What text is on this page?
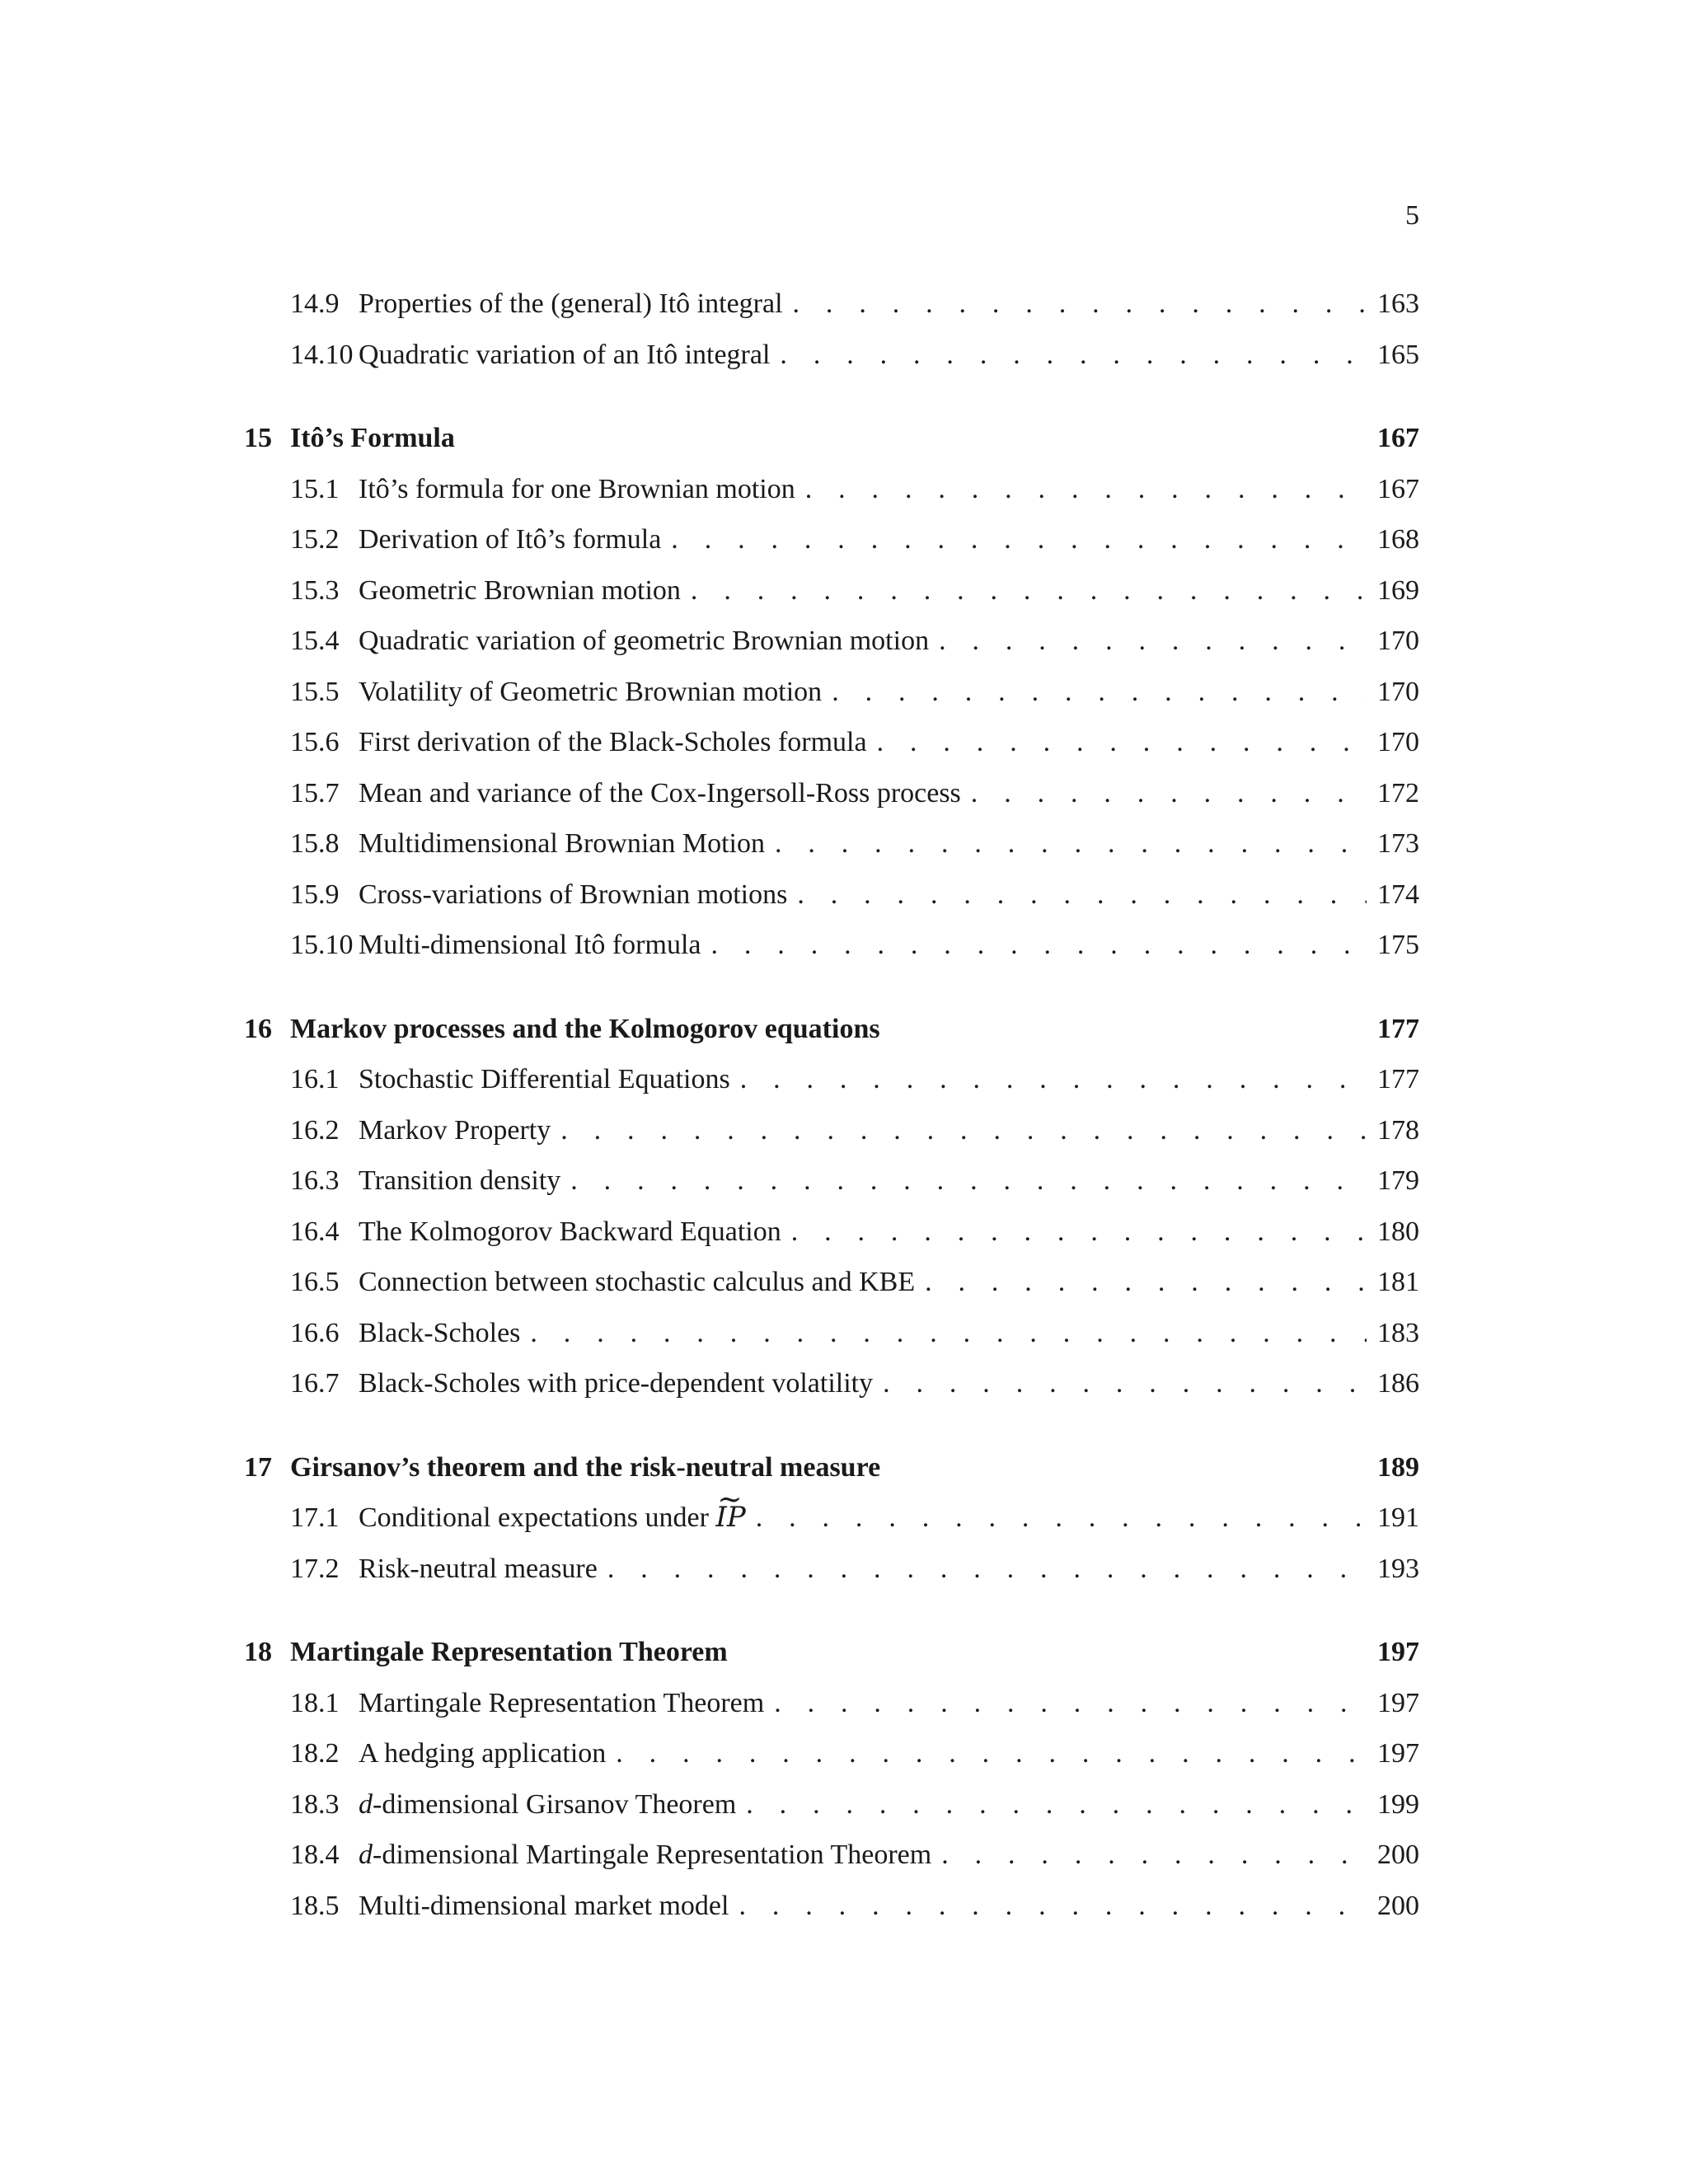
5
14.9 Properties of the (general) Itô integral . . .	163
14.10 Quadratic variation of an Itô integral . . .	165
15 Itô’s Formula	167
15.1 Itô’s formula for one Brownian motion . . .	167
15.2 Derivation of Itô’s formula . . .	168
15.3 Geometric Brownian motion . . .	169
15.4 Quadratic variation of geometric Brownian motion . . .	170
15.5 Volatility of Geometric Brownian motion . . .	170
15.6 First derivation of the Black-Scholes formula . . .	170
15.7 Mean and variance of the Cox-Ingersoll-Ross process . . .	172
15.8 Multidimensional Brownian Motion . . .	173
15.9 Cross-variations of Brownian motions . . .	174
15.10 Multi-dimensional Itô formula . . .	175
16 Markov processes and the Kolmogorov equations	177
16.1 Stochastic Differential Equations . . .	177
16.2 Markov Property . . .	178
16.3 Transition density . . .	179
16.4 The Kolmogorov Backward Equation . . .	180
16.5 Connection between stochastic calculus and KBE . . .	181
16.6 Black-Scholes . . .	183
16.7 Black-Scholes with price-dependent volatility . . .	186
17 Girsanov’s theorem and the risk-neutral measure	189
17.1 Conditional expectations under ~ IP . . .	191
17.2 Risk-neutral measure . . .	193
18 Martingale Representation Theorem	197
18.1 Martingale Representation Theorem . . .	197
18.2 A hedging application . . .	197
18.3 d-dimensional Girsanov Theorem . . .	199
18.4 d-dimensional Martingale Representation Theorem . . .	200
18.5 Multi-dimensional market model . . .	200
